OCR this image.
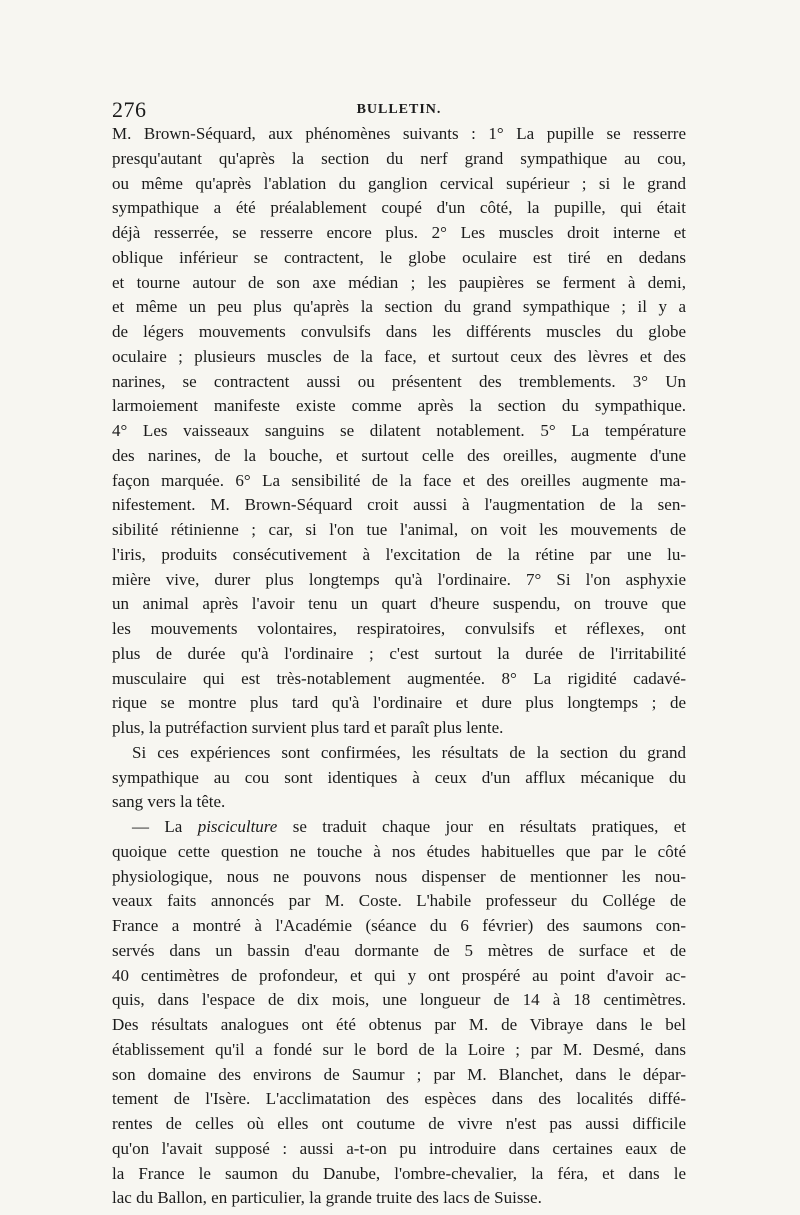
276	BULLETIN.
M. Brown-Séquard, aux phénomènes suivants : 1° La pupille se resserre
presqu'autant qu'après la section du nerf grand sympathique au cou,
ou même qu'après l'ablation du ganglion cervical supérieur ; si le grand
sympathique a été préalablement coupé d'un côté, la pupille, qui était
déjà resserrée, se resserre encore plus. 2° Les muscles droit interne et
oblique inférieur se contractent, le globe oculaire est tiré en dedans
et tourne autour de son axe médian ; les paupières se ferment à demi,
et même un peu plus qu'après la section du grand sympathique ; il y a
de légers mouvements convulsifs dans les différents muscles du globe
oculaire ; plusieurs muscles de la face, et surtout ceux des lèvres et des
narines, se contractent aussi ou présentent des tremblements. 3° Un
larmoiement manifeste existe comme après la section du sympathique.
4° Les vaisseaux sanguins se dilatent notablement. 5° La température
des narines, de la bouche, et surtout celle des oreilles, augmente d'une
façon marquée. 6° La sensibilité de la face et des oreilles augmente ma-
nifestement. M. Brown-Séquard croit aussi à l'augmentation de la sen-
sibilité rétinienne ; car, si l'on tue l'animal, on voit les mouvements de
l'iris, produits consécutivement à l'excitation de la rétine par une lu-
mière vive, durer plus longtemps qu'à l'ordinaire. 7° Si l'on asphyxie
un animal après l'avoir tenu un quart d'heure suspendu, on trouve que
les mouvements volontaires, respiratoires, convulsifs et réflexes, ont
plus de durée qu'à l'ordinaire ; c'est surtout la durée de l'irritabilité
musculaire qui est très-notablement augmentée. 8° La rigidité cadavé-
rique se montre plus tard qu'à l'ordinaire et dure plus longtemps ; de
plus, la putréfaction survient plus tard et paraît plus lente.
Si ces expériences sont confirmées, les résultats de la section du grand
sympathique au cou sont identiques à ceux d'un afflux mécanique du
sang vers la tête.
— La pisciculture se traduit chaque jour en résultats pratiques, et
quoique cette question ne touche à nos études habituelles que par le côté
physiologique, nous ne pouvons nous dispenser de mentionner les nou-
veaux faits annoncés par M. Coste. L'habile professeur du Collége de
France a montré à l'Académie (séance du 6 février) des saumons con-
servés dans un bassin d'eau dormante de 5 mètres de surface et de
40 centimètres de profondeur, et qui y ont prospéré au point d'avoir ac-
quis, dans l'espace de dix mois, une longueur de 14 à 18 centimètres.
Des résultats analogues ont été obtenus par M. de Vibraye dans le bel
établissement qu'il a fondé sur le bord de la Loire ; par M. Desmé, dans
son domaine des environs de Saumur ; par M. Blanchet, dans le dépar-
tement de l'Isère. L'acclimatation des espèces dans des localités diffé-
rentes de celles où elles ont coutume de vivre n'est pas aussi difficile
qu'on l'avait supposé : aussi a-t-on pu introduire dans certaines eaux de
la France le saumon du Danube, l'ombre-chevalier, la féra, et dans le
lac du Ballon, en particulier, la grande truite des lacs de Suisse.
